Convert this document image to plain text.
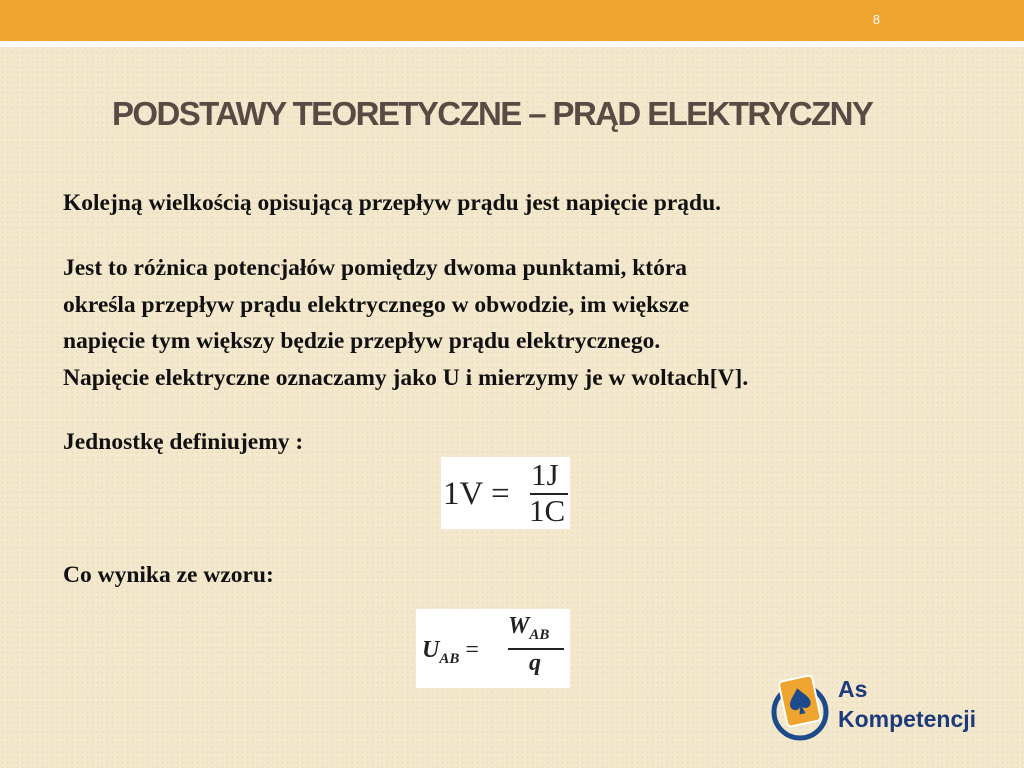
8
PODSTAWY TEORETYCZNE – PRĄD ELEKTRYCZNY

Kolejną wielkością opisującą przepływ prądu jest napięcie prądu.

Jest to różnica potencjałów pomiędzy dwoma punktami, która
określa przepływ prądu elektrycznego w obwodzie, im większe
napięcie tym większy będzie przepływ prądu elektrycznego.
Napięcie elektryczne oznaczamy jako U i mierzymy je w woltach[V].

Jednostkę definiujemy :

1V =
1J
1C

Co wynika ze wzoru:

$U_{AB}$ =
$W_{AB}$
q
As
Kompetencji
